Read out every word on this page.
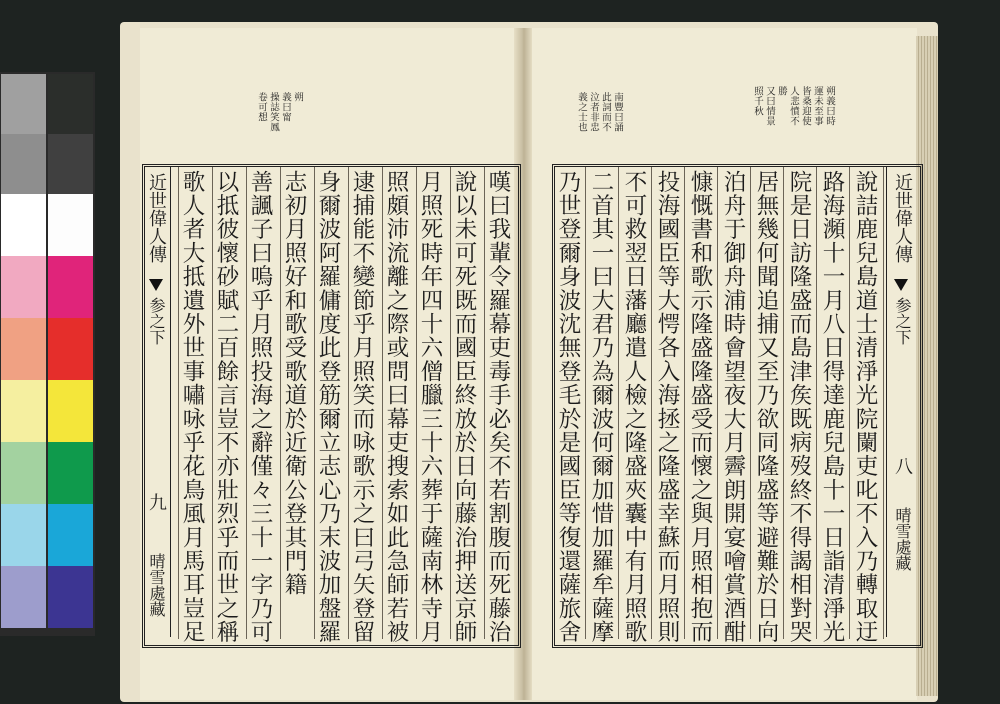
朔
義曰甯
操誌笑鳳
卷可想
近世偉人傳
参之下
九
晴雪處藏	嘆曰我輩令羅幕吏毒手必矣不若割腹而死藤治
說以未可死既而國臣終放於日向藤治押送京師
月照死時年四十六僧臘三十六葬于薩南林寺月
照頗沛流離之際或問曰幕吏搜索如此急師若被
逮捕能不變節乎月照笑而咏歌示之曰弓矢登留
身爾波阿羅傭度此登筋爾立志心乃末波加盤羅
志初月照好和歌受歌道於近衛公登其門籍
善諷子曰嗚乎月照投海之辭僅々三十一字乃可
以抵彼懷砂賦二百餘言豈不亦壯烈乎而世之稱
歌人者大抵遺外世事嘯咏乎花鳥風月馬耳豈足
朔義曰時
運未至事
皆桑迎使
人悲憤不
勝
又曰情景
照千秋
南豐曰誦
此詞而不
泣者非忠
義之士也
近世偉人傳
参之下
八
晴雪處藏
說詰鹿兒島道士清淨光院闌吏叱不入乃轉取迂
路海瀕十一月八日得達鹿兒島十一日詣清淨光
院是日訪隆盛而島津矦既病歿終不得謁相對哭
居無幾何聞追捕又至乃欲同隆盛等避難於日向
泊舟于御舟浦時會望夜大月霽朗開宴噲賞酒酣
慷慨書和歌示隆盛隆盛受而懷之與月照相抱而
投海國臣等大愕各入海拯之隆盛幸蘇而月照則
不可救翌日藩廳遣人檢之隆盛夾囊中有月照歌
二首其一曰大君乃為爾波何爾加惜加羅牟薩摩
乃世登爾身波沈無登毛於是國臣等復還薩旅舍
